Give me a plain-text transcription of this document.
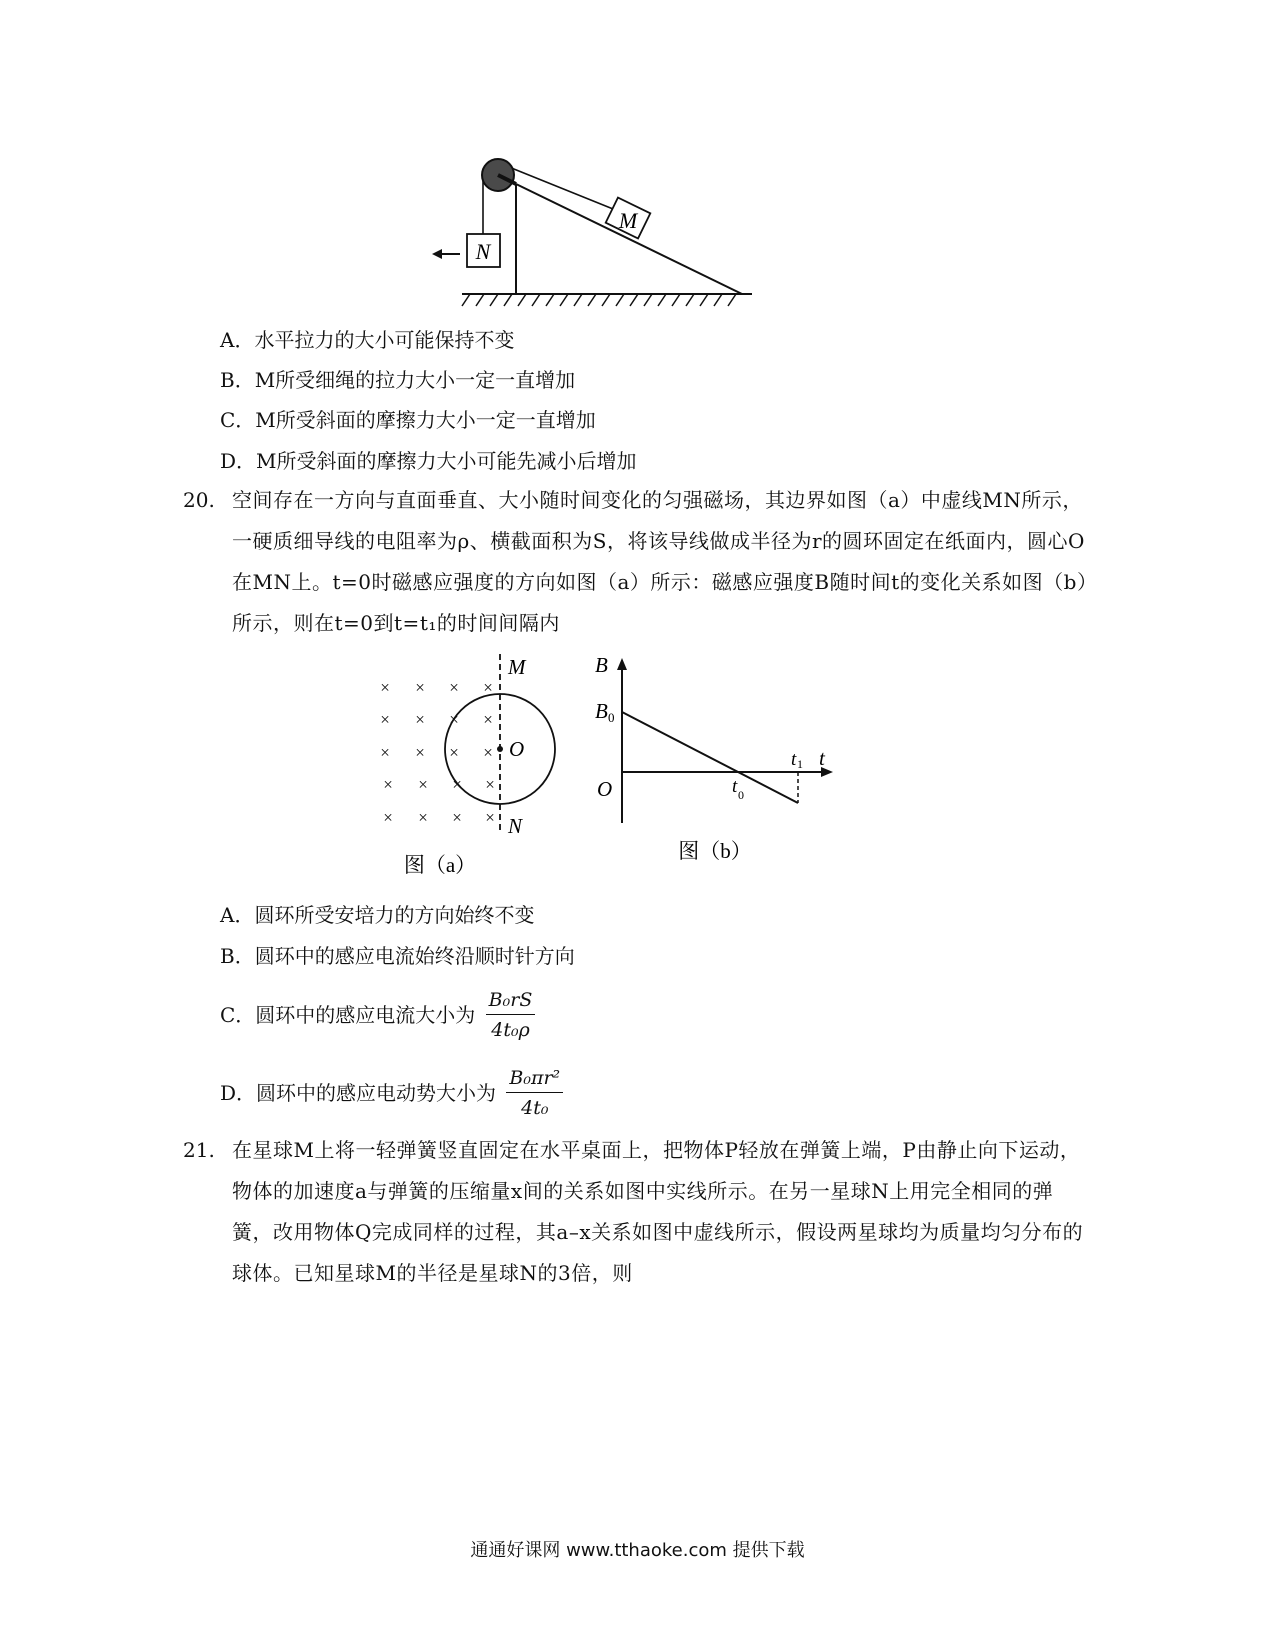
M
N
A．水平拉力的大小可能保持不变
B．M所受细绳的拉力大小一定一直增加
C．M所受斜面的摩擦力大小一定一直增加
D．M所受斜面的摩擦力大小可能先减小后增加
20. 空间存在一方向与直面垂直、大小随时间变化的匀强磁场，其边界如图（a）中虚线MN所示，一硬质细导线的电阻率为ρ、横截面积为S，将该导线做成半径为r的圆环固定在纸面内，圆心O在MN上。t=0时磁感应强度的方向如图（a）所示：磁感应强度B随时间t的变化关系如图（b）所示，则在t=0到t=t₁的时间间隔内
× × × ×
× × × ×
× × × ×
× × × ×
× × × ×
M
O
N
图（a）
B
B 0
O
t
t 0
t 1
图（b）
A．圆环所受安培力的方向始终不变
B．圆环中的感应电流始终沿顺时针方向
C．圆环中的感应电流大小为 $\frac{\text{B₀rS}}{\text{4t₀ρ}}$
D．圆环中的感应电动势大小为 $\frac{\text{B₀πr²}}{\text{4t₀}}$
21. 在星球M上将一轻弹簧竖直固定在水平桌面上，把物体P轻放在弹簧上端，P由静止向下运动，物体的加速度a与弹簧的压缩量x间的关系如图中实线所示。在另一星球N上用完全相同的弹簧，改用物体Q完成同样的过程，其a–x关系如图中虚线所示，假设两星球均为质量均匀分布的球体。已知星球M的半径是星球N的3倍，则
通通好课网 www.tthaoke.com 提供下载
